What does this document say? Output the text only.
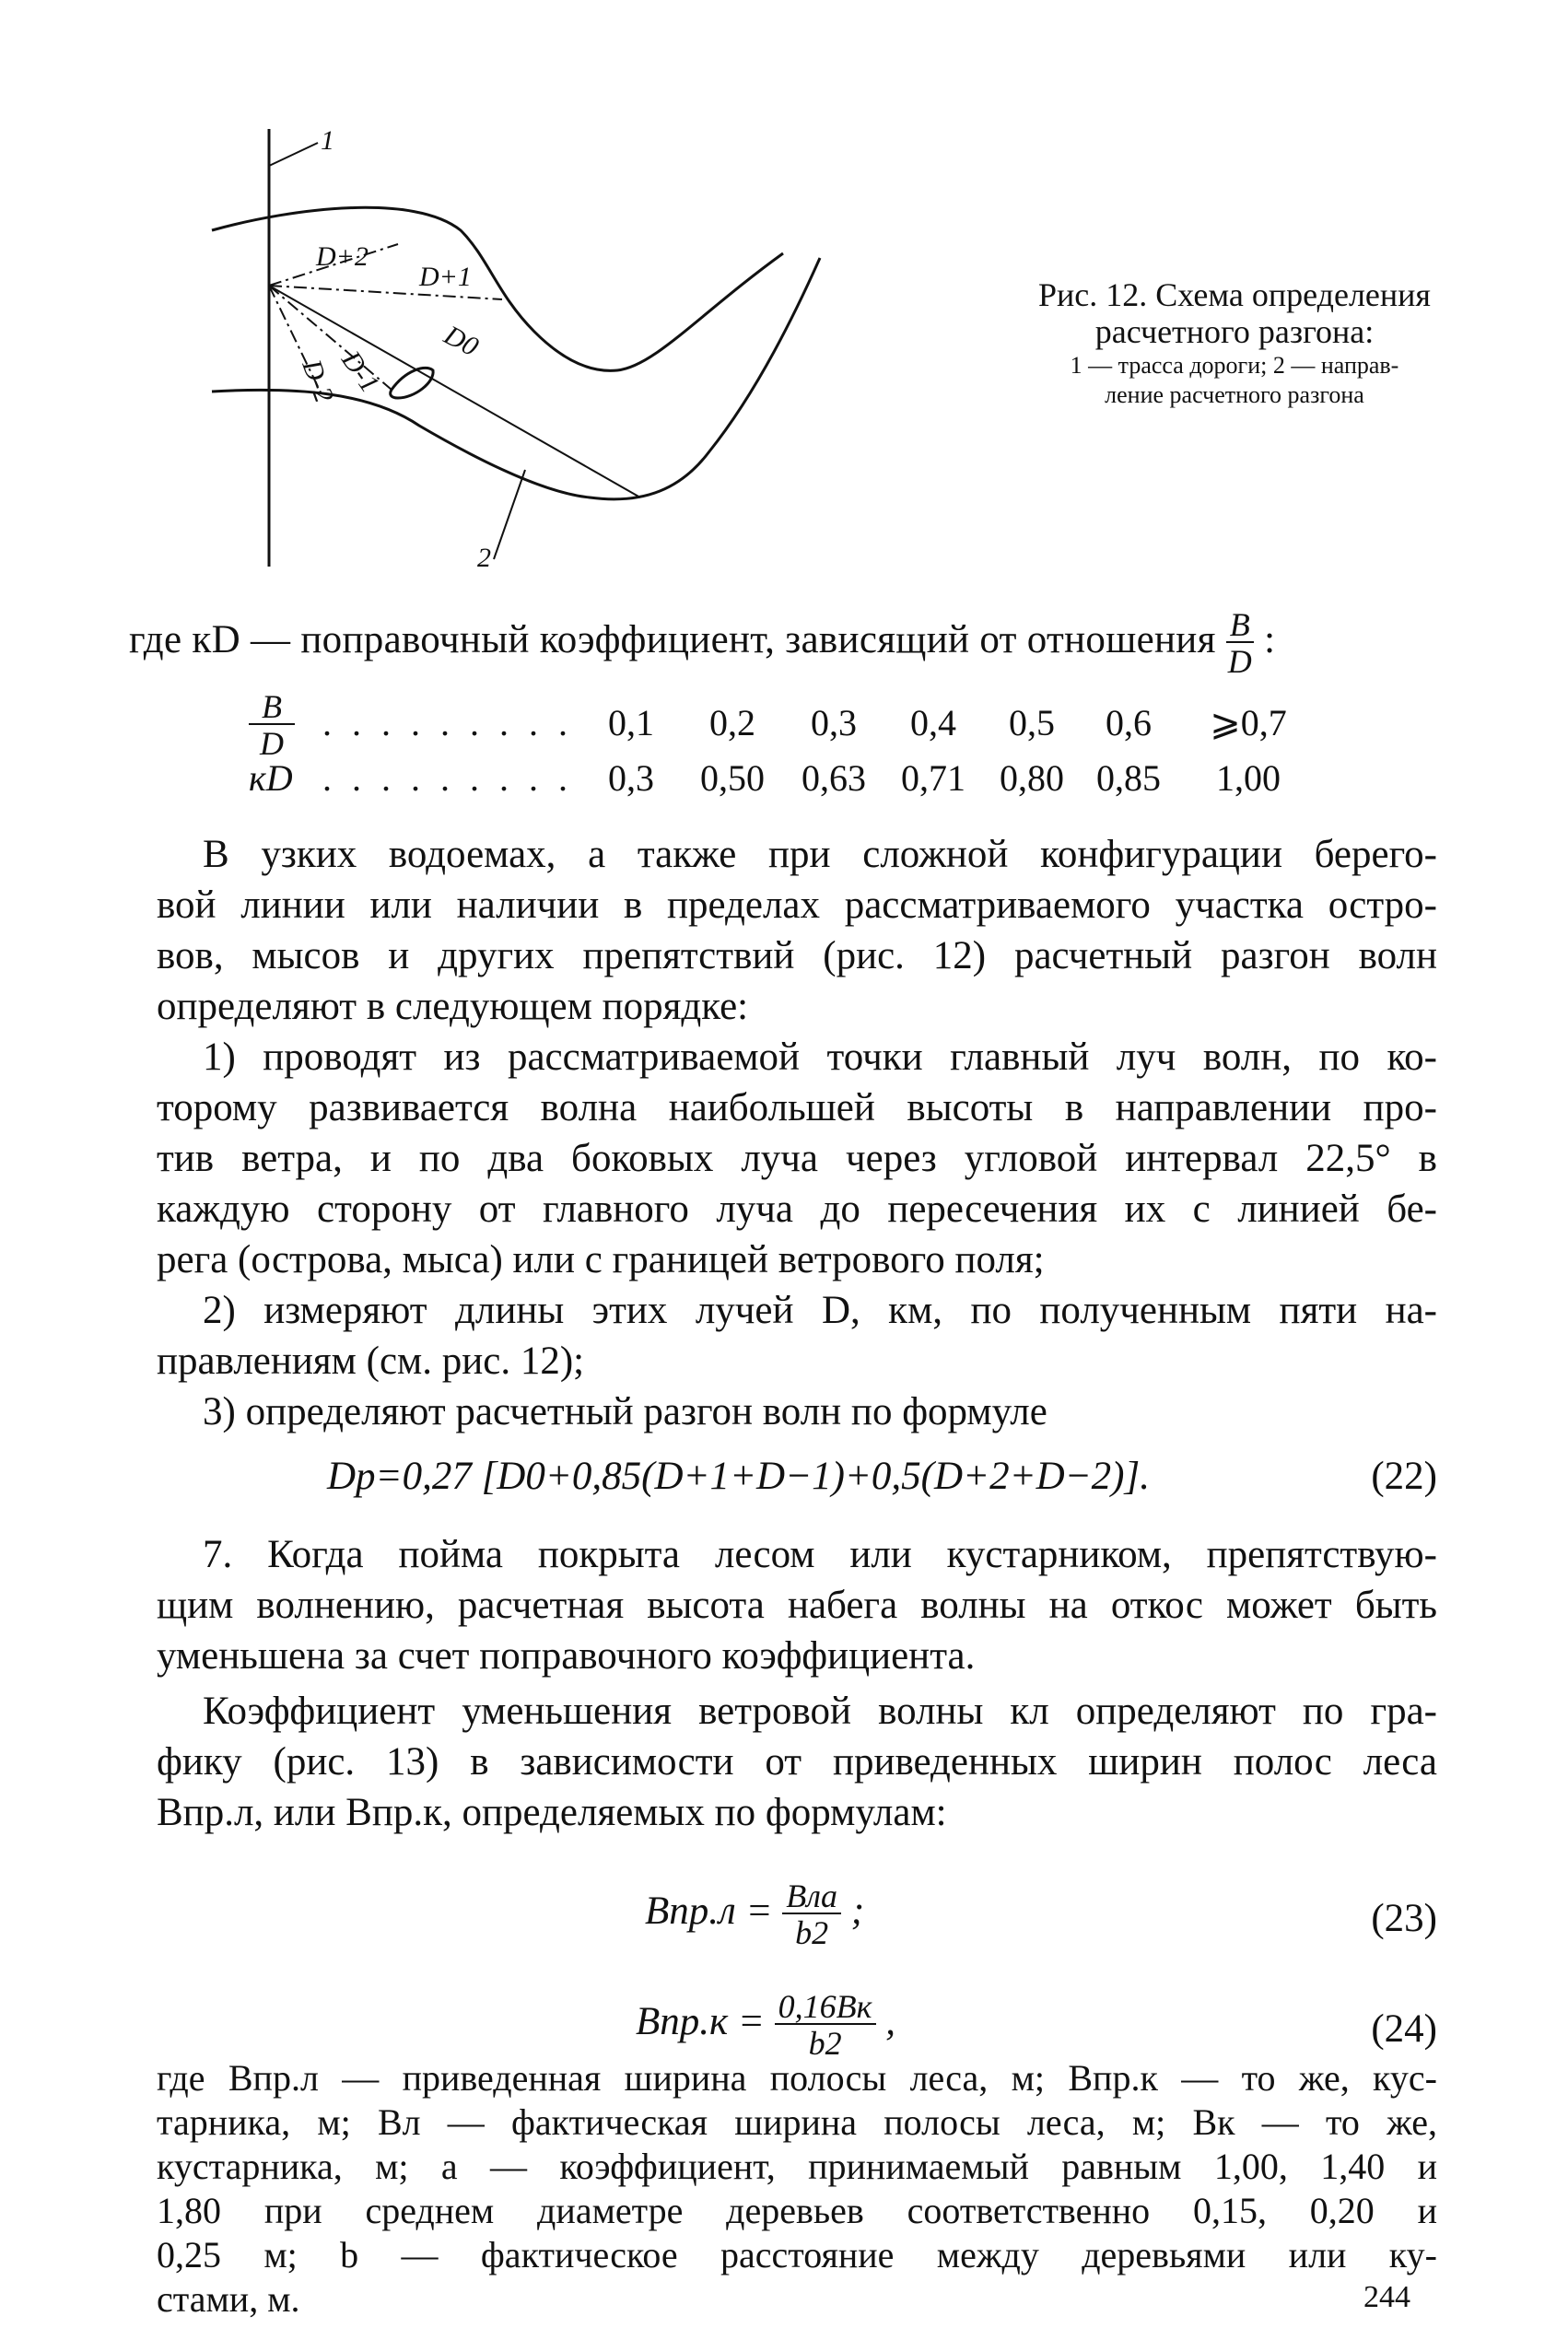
1
2
D+2
D+1
D0
D-1
D-2
Рис. 12. Схема определения
расчетного разгона:
1 — трасса дороги; 2 — направ-
ление расчетного разгона
где кD — поправочный коэффициент, зависящий от отношения $\frac{B}{D}$ :
$\frac{B}{D}$ . . . . . . . . . 0,1	0,2	0,3	0,4	0,5	0,6	⩾0,7
кD . . . . . . . . . 0,3	0,50	0,63 0,71 0,80 0,85	1,00
В узких водоемах, а также при сложной конфигурации берего-
вой линии или наличии в пределах рассматриваемого участка остро-
вов, мысов и других препятствий (рис. 12) расчетный разгон волн
определяют в следующем порядке:
1) проводят из рассматриваемой точки главный луч волн, по ко-
торому развивается волна наибольшей высоты в направлении про-
тив ветра, и по два боковых луча через угловой интервал 22,5° в
каждую сторону от главного луча до пересечения их с линией бе-
рега (острова, мыса) или с границей ветрового поля;
2) измеряют длины этих лучей D, км, по полученным пяти на-
правлениям (см. рис. 12);
3) определяют расчетный разгон волн по формуле
Dр=0,27 [D0+0,85(D+1+D−1)+0,5(D+2+D−2)].	(22)
7. Когда пойма покрыта лесом или кустарником, препятствую-
щим волнению, расчетная высота набега волны на откос может быть
уменьшена за счет поправочного коэффициента.
Коэффициент уменьшения ветровой волны кл определяют по гра-
фику (рис. 13) в зависимости от приведенных ширин полос леса
Bпр.л, или Bпр.к, определяемых по формулам:
$Bпр.л = \frac{\text{Bлa}}{b2}$ ;	(23)
$Bпр.к = \frac{0,16Bк}{b2}$ ,	(24)
244
где Bпр.л — приведенная ширина полосы леса, м; Bпр.к — то же, кус-
тарника, м; Bл — фактическая ширина полосы леса, м; Bк — то же,
кустарника, м; a — коэффициент, принимаемый равным 1,00, 1,40 и
1,80 при среднем диаметре деревьев соответственно 0,15, 0,20 и
0,25 м; b — фактическое расстояние между деревьями или ку-
стами, м.
